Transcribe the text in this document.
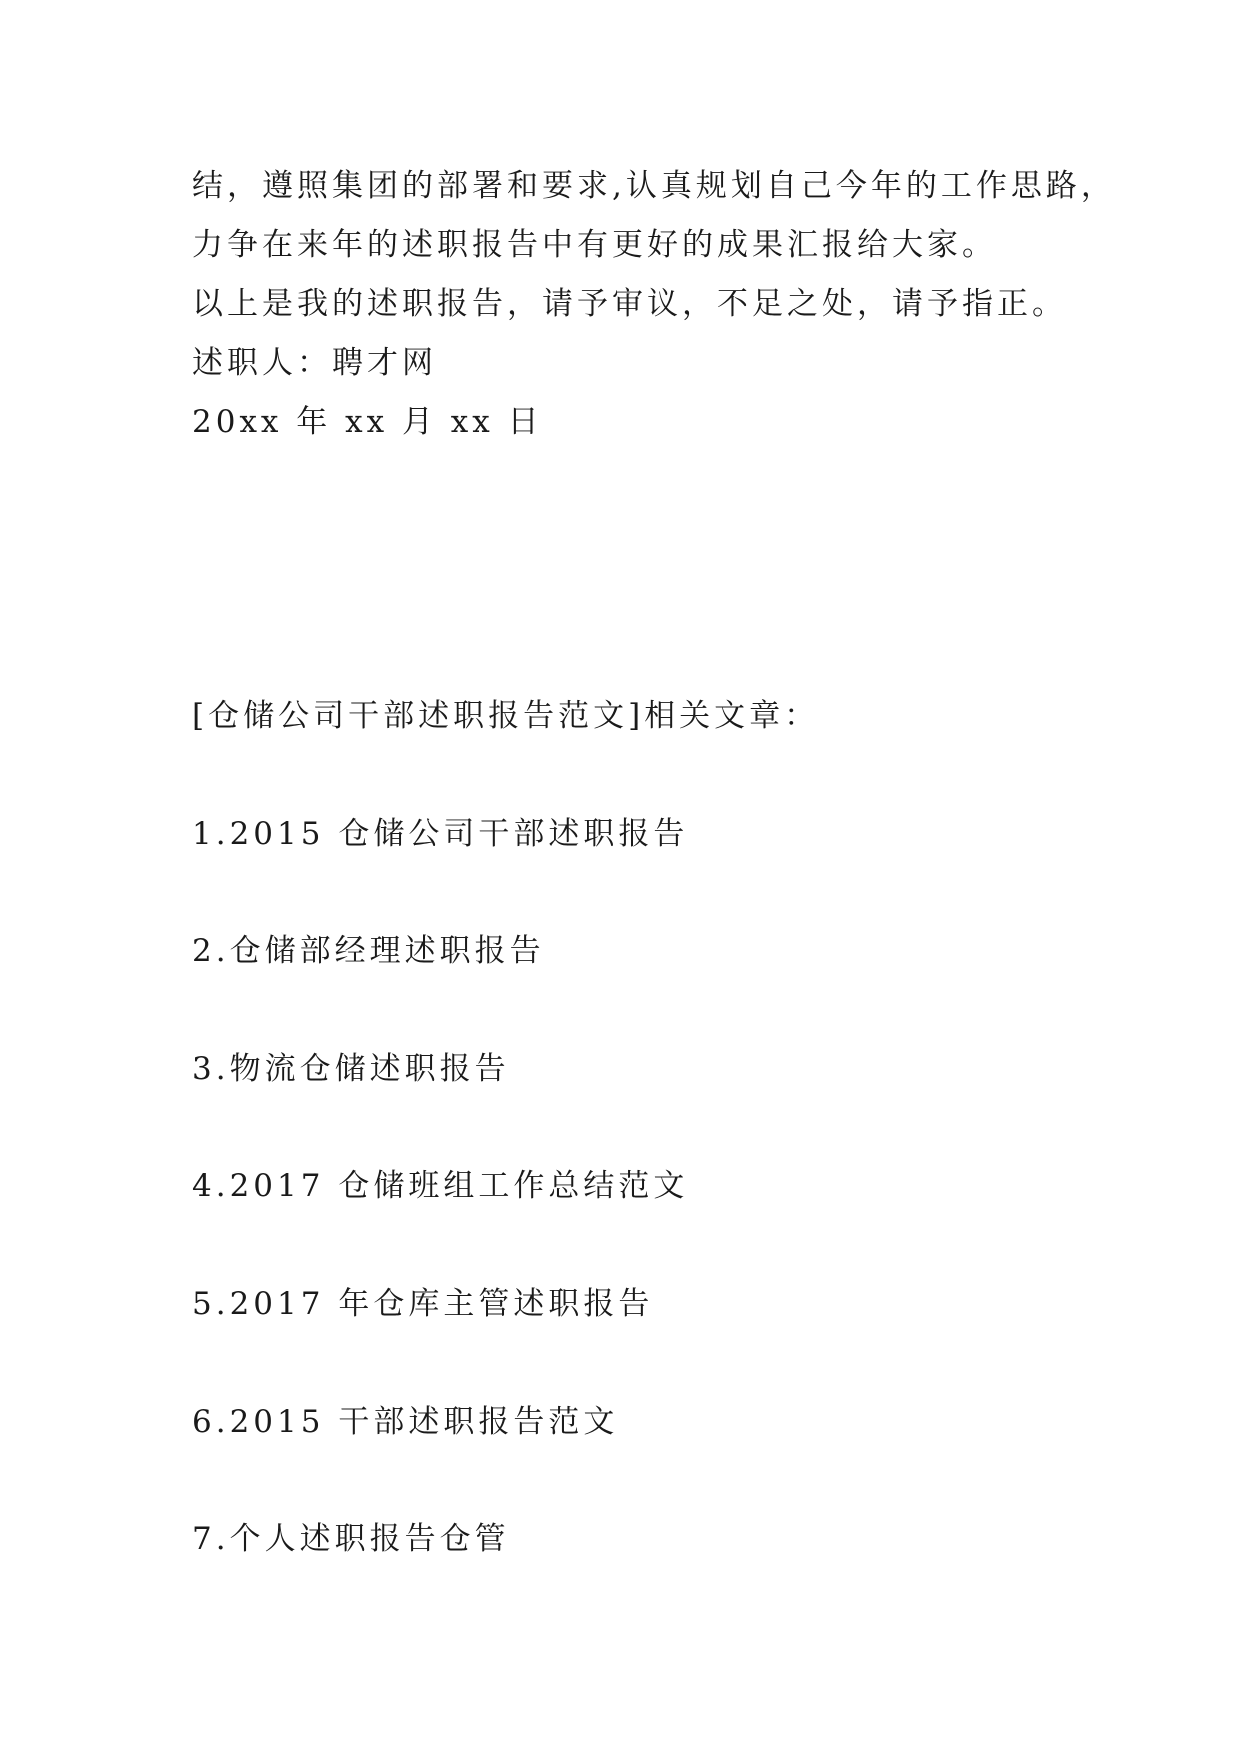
结，遵照集团的部署和要求,认真规划自己今年的工作思路，
力争在来年的述职报告中有更好的成果汇报给大家。
以上是我的述职报告，请予审议，不足之处，请予指正。
述职人：聘才网
20xx 年 xx 月 xx 日
[仓储公司干部述职报告范文]相关文章：
1.2015 仓储公司干部述职报告
2.仓储部经理述职报告
3.物流仓储述职报告
4.2017 仓储班组工作总结范文
5.2017 年仓库主管述职报告
6.2015 干部述职报告范文
7.个人述职报告仓管
